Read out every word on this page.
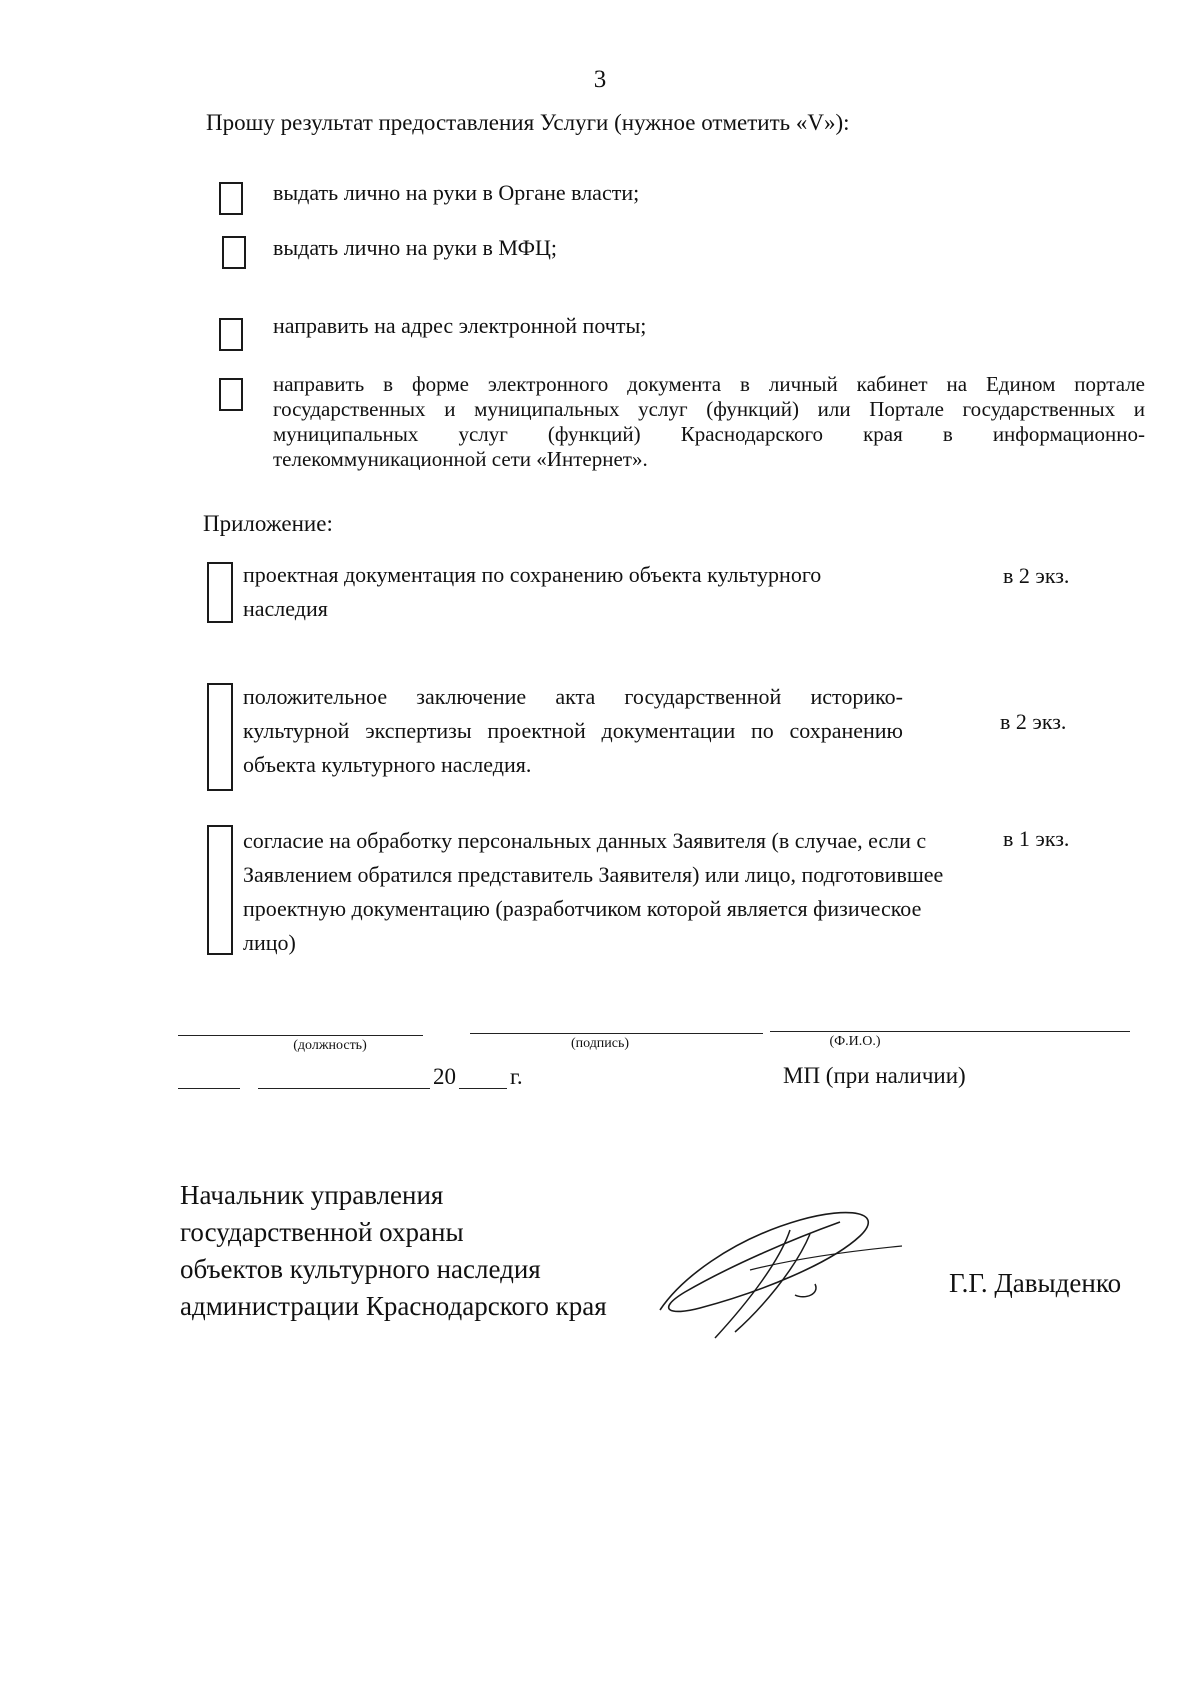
3
Прошу результат предоставления Услуги (нужное отметить «V»):
выдать лично на руки в Органе власти;
выдать лично на руки в МФЦ;
направить на адрес электронной почты;
направить в форме электронного документа в личный кабинет на Едином портале государственных и муниципальных услуг (функций) или Портале государственных и муниципальных услуг (функций) Краснодарского края в информационно-телекоммуникационной сети «Интернет».
Приложение:
проектная документация по сохранению объекта культурного наследия
в 2 экз.
положительное заключение акта государственной историко-культурной экспертизы проектной документации по сохранению объекта культурного наследия.
в 2 экз.
согласие на обработку персональных данных Заявителя (в случае, если с Заявлением обратился представитель Заявителя) или лицо, подготовившее проектную документацию (разработчиком которой является физическое лицо)
в 1 экз.
(должность)	(подпись)	(Ф.И.О.)
20 г.	МП (при наличии)
Начальник управления
государственной охраны
объектов культурного наследия
администрации Краснодарского края
Г.Г. Давыденко
